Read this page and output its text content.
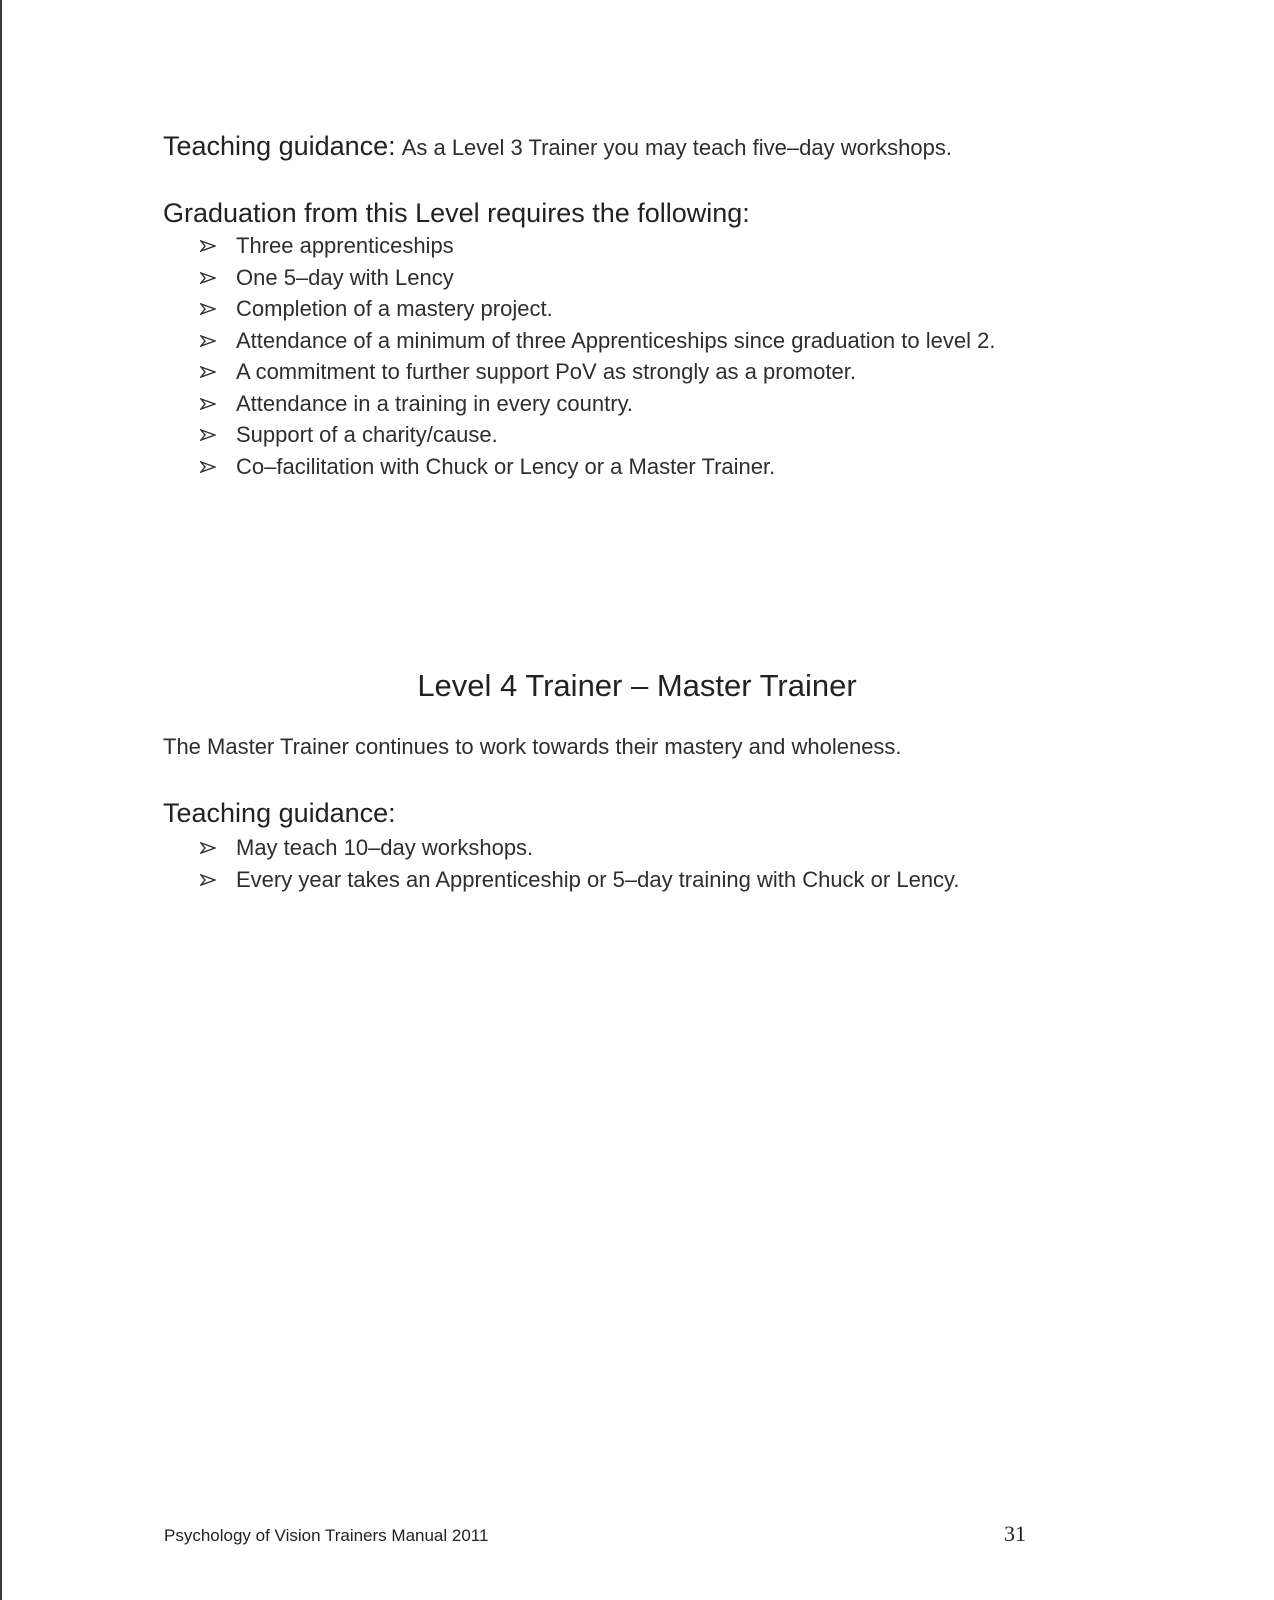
Teaching guidance: As a Level 3 Trainer you may teach five–day workshops.
Graduation from this Level requires the following:
Three apprenticeships
One 5–day with Lency
Completion of a mastery project.
Attendance of a minimum of three Apprenticeships since graduation to level 2.
A commitment to further support PoV as strongly as a promoter.
Attendance in a training in every country.
Support of a charity/cause.
Co–facilitation with Chuck or Lency or a Master Trainer.
Level 4 Trainer – Master Trainer
The Master Trainer continues to work towards their mastery and wholeness.
Teaching guidance:
May teach 10–day workshops.
Every year takes an Apprenticeship or 5–day training with Chuck or Lency.
Psychology of Vision Trainers Manual 2011	31
